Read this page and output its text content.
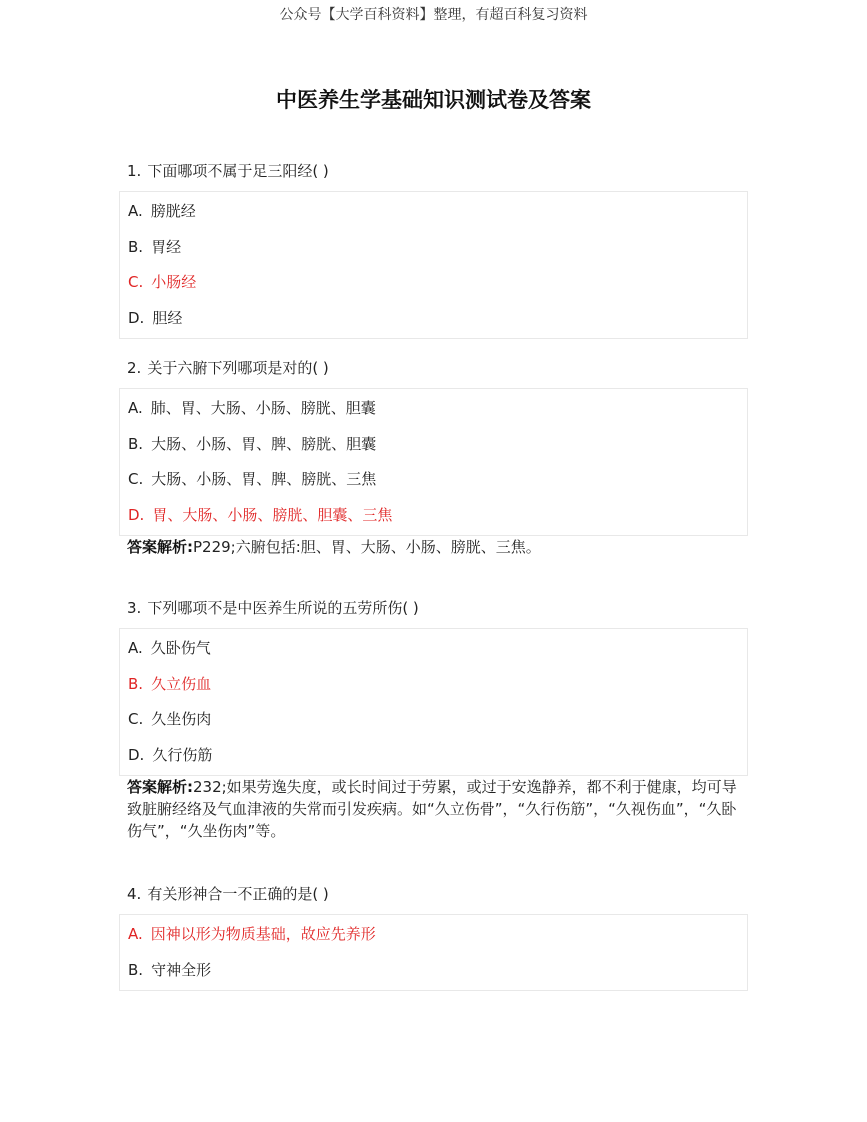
公众号【大学百科资料】整理，有超百科复习资料
中医养生学基础知识测试卷及答案
1. 下面哪项不属于足三阳经( )
A. 膀胱经
B. 胃经
C. 小肠经
D. 胆经
2. 关于六腑下列哪项是对的( )
A. 肺、胃、大肠、小肠、膀胱、胆囊
B. 大肠、小肠、胃、脾、膀胱、胆囊
C. 大肠、小肠、胃、脾、膀胱、三焦
D. 胃、大肠、小肠、膀胱、胆囊、三焦
答案解析:P229;六腑包括:胆、胃、大肠、小肠、膀胱、三焦。
3. 下列哪项不是中医养生所说的五劳所伤( )
A. 久卧伤气
B. 久立伤血
C. 久坐伤肉
D. 久行伤筋
答案解析:232;如果劳逸失度，或长时间过于劳累，或过于安逸静养，都不利于健康，均可导致脏腑经络及气血津液的失常而引发疾病。如“久立伤骨”，“久行伤筋”，“久视伤血”，“久卧伤气”，“久坐伤肉”等。
4. 有关形神合一不正确的是( )
A. 因神以形为物质基础，故应先养形
B. 守神全形
